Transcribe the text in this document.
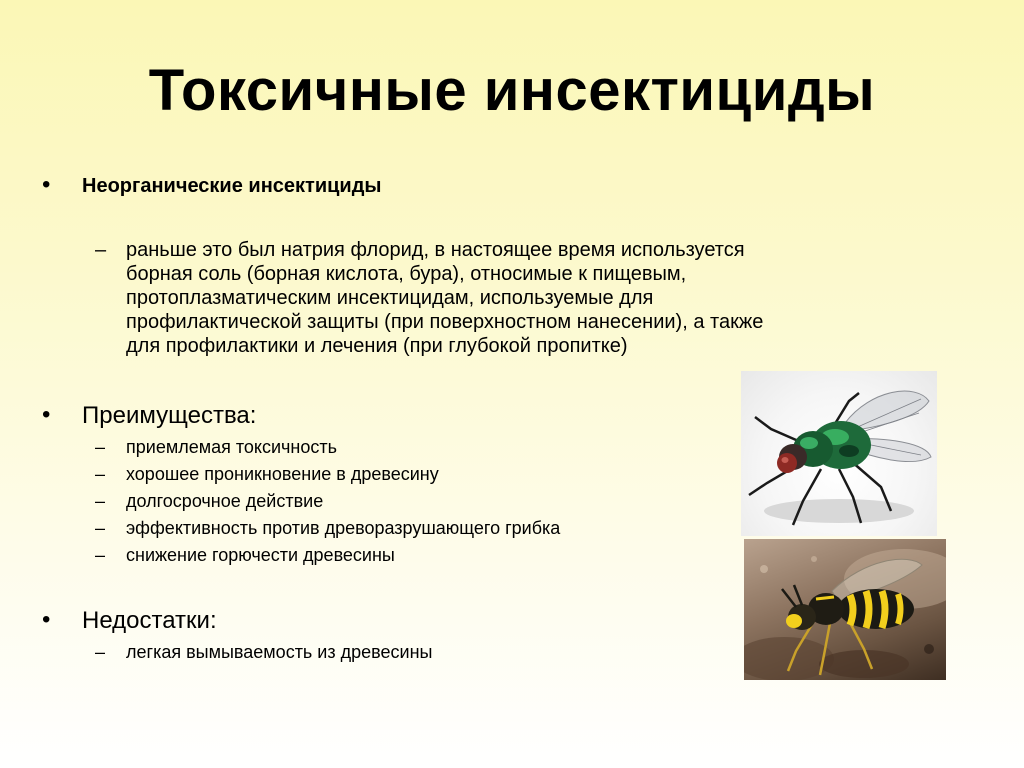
Токсичные инсектициды
• Неорганические инсектициды
– раньше это был натрия флорид, в настоящее время используется борная соль (борная кислота, бура), относимые к пищевым, протоплазматическим инсектицидам, используемые для профилактической защиты (при поверхностном нанесении), а также для профилактики и лечения (при глубокой пропитке)
• Преимущества:
– приемлемая токсичность
– хорошее проникновение в древесину
– долгосрочное действие
– эффективность против древоразрушающего грибка
– снижение горючести древесины
• Недостатки:
– легкая вымываемость из древесины
